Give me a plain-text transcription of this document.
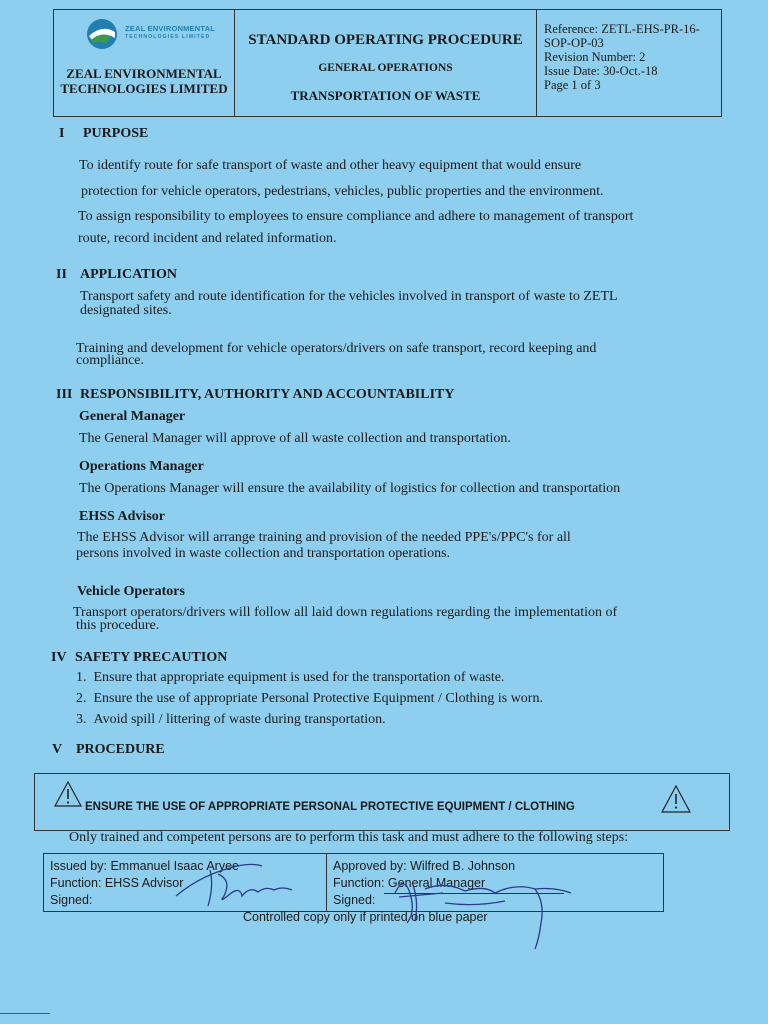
ZEAL ENVIRONMENTAL
TECHNOLOGIES LIMITED
ZEAL ENVIRONMENTAL
TECHNOLOGIES LIMITED
STANDARD OPERATING PROCEDURE
GENERAL OPERATIONS
TRANSPORTATION OF WASTE
Reference: ZETL-EHS-PR-16-
SOP-OP-03
Revision Number: 2
Issue Date: 30-Oct.-18
Page 1 of 3
I PURPOSE
To identify route for safe transport of waste and other heavy equipment that would ensure
protection for vehicle operators, pedestrians, vehicles, public properties and the environment.
To assign responsibility to employees to ensure compliance and adhere to management of transport
route, record incident and related information.
II APPLICATION
Transport safety and route identification for the vehicles involved in transport of waste to ZETL
designated sites.
Training and development for vehicle operators/drivers on safe transport, record keeping and
compliance.
III RESPONSIBILITY, AUTHORITY AND ACCOUNTABILITY
General Manager
The General Manager will approve of all waste collection and transportation.
Operations Manager
The Operations Manager will ensure the availability of logistics for collection and transportation
EHSS Advisor
The EHSS Advisor will arrange training and provision of the needed PPE's/PPC's for all
persons involved in waste collection and transportation operations.
Vehicle Operators
Transport operators/drivers will follow all laid down regulations regarding the implementation of
this procedure.
IV SAFETY PRECAUTION
1. Ensure that appropriate equipment is used for the transportation of waste.
2. Ensure the use of appropriate Personal Protective Equipment / Clothing is worn.
3. Avoid spill / littering of waste during transportation.
V PROCEDURE
ENSURE THE USE OF APPROPRIATE PERSONAL PROTECTIVE EQUIPMENT / CLOTHING
Only trained and competent persons are to perform this task and must adhere to the following steps:
Issued by: Emmanuel Isaac Aryee
Function: EHSS Advisor
Signed:
Approved by: Wilfred B. Johnson
Function: General Manager
Signed:
Controlled copy only if printed on blue paper
